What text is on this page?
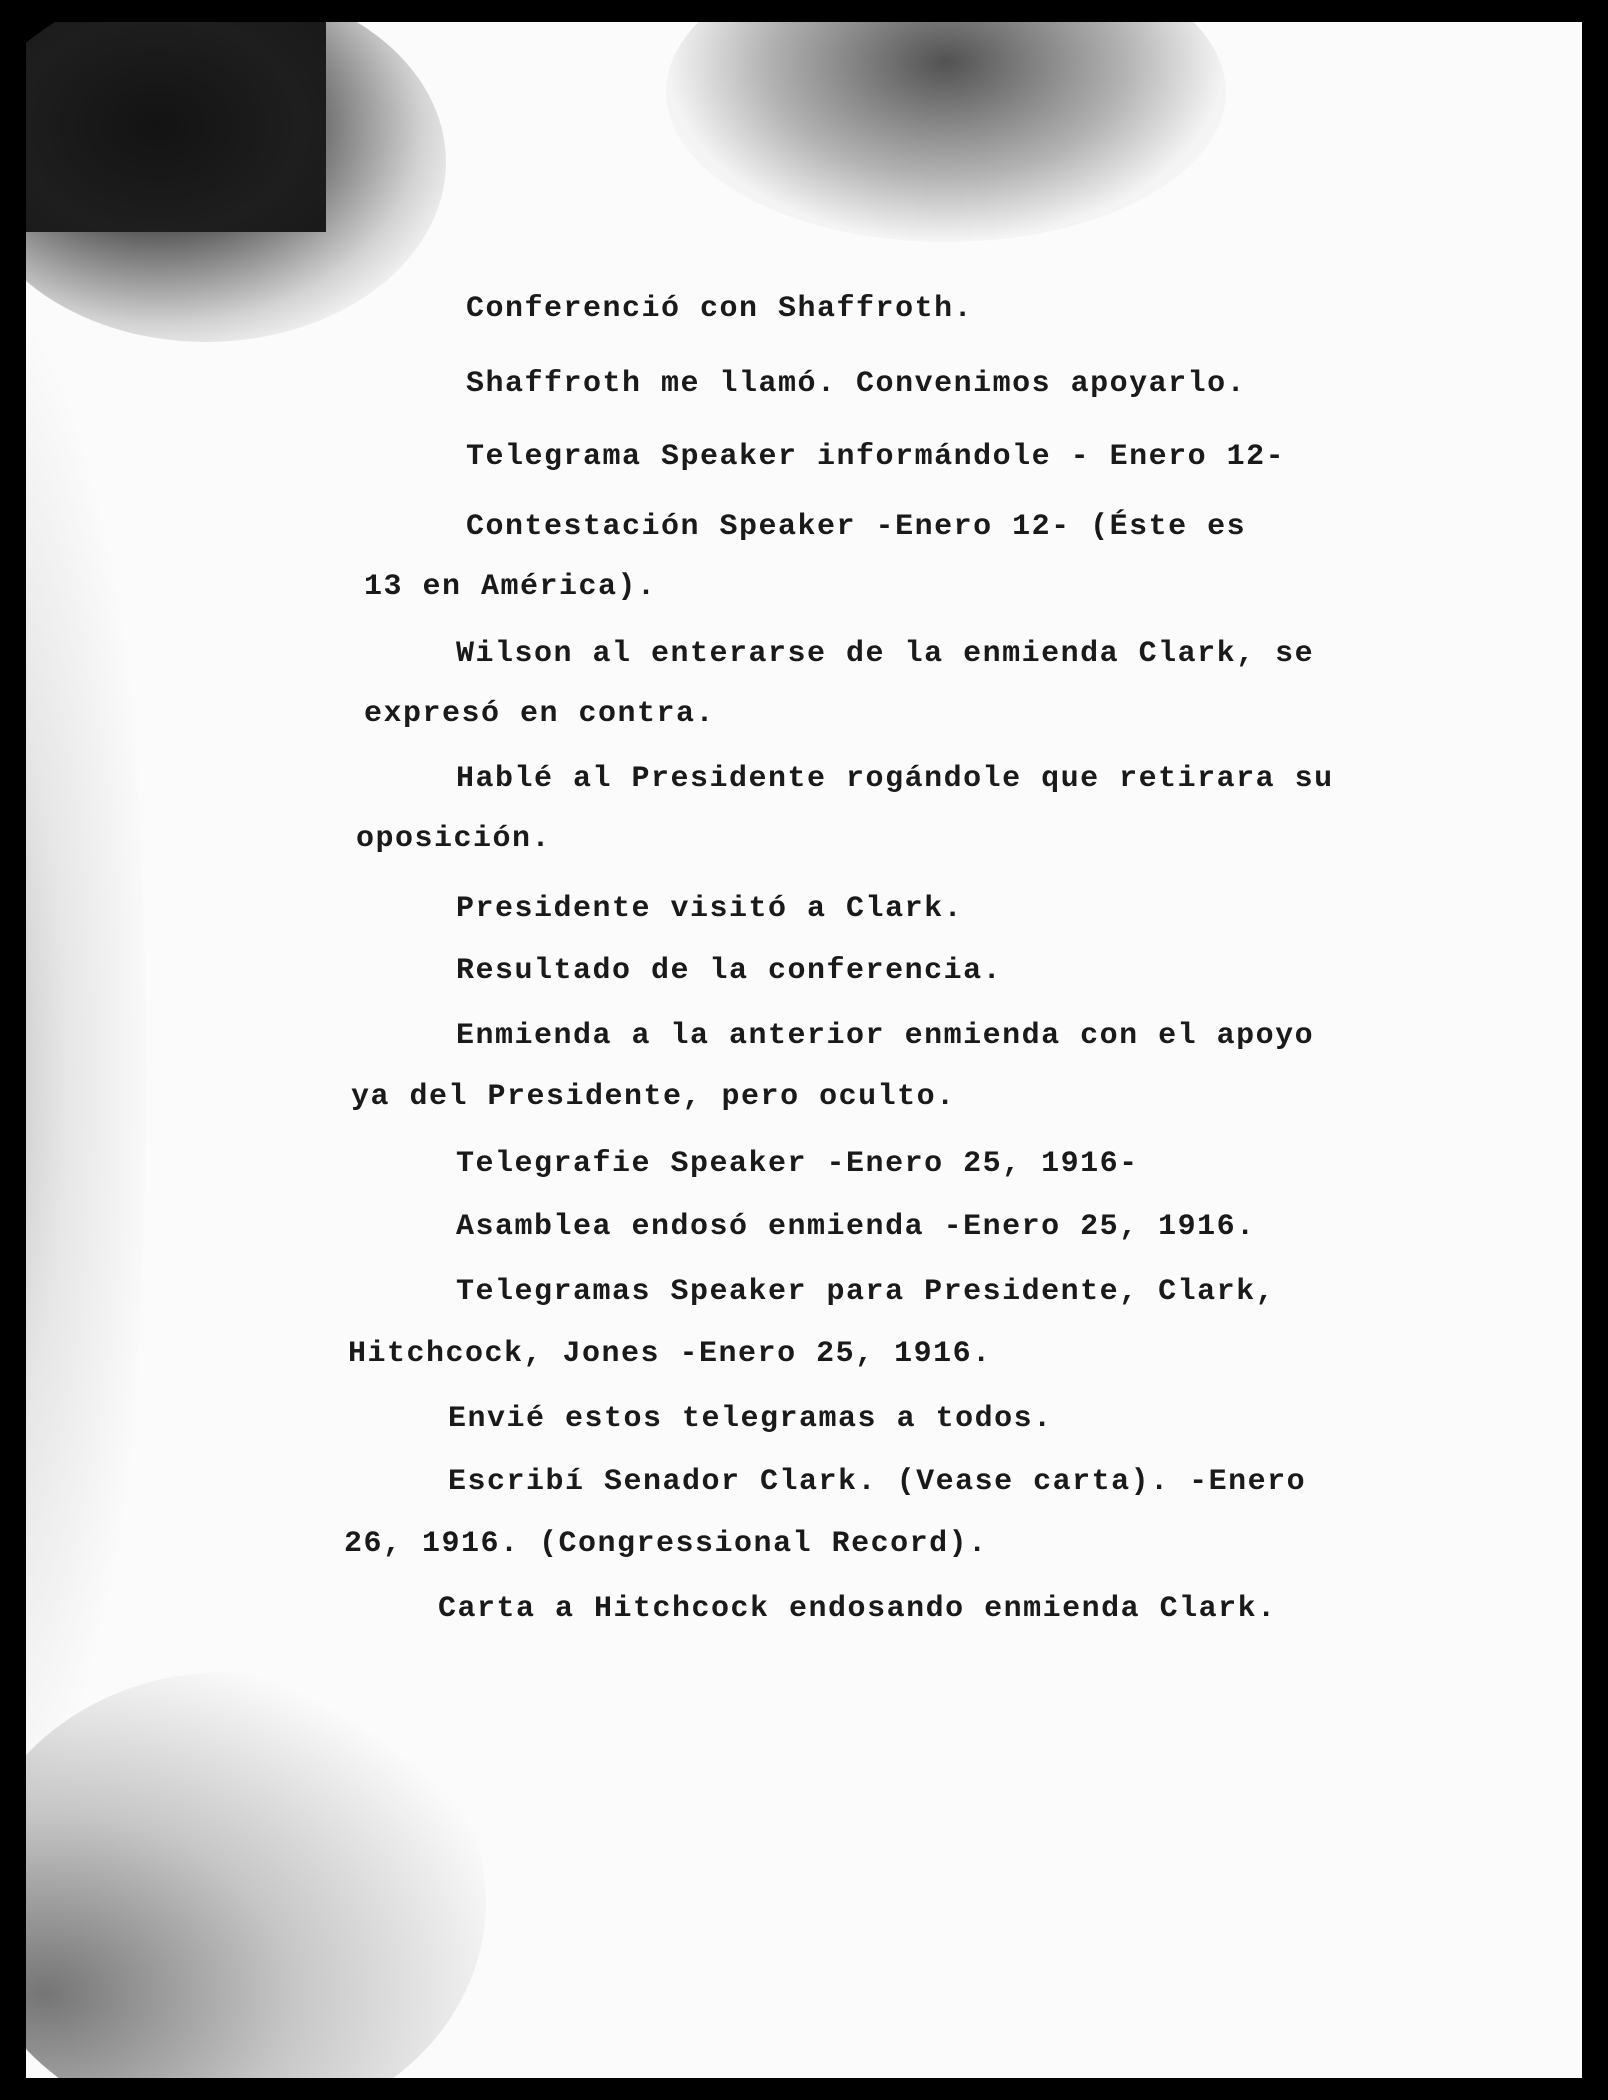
Conferenció con Shaffroth.
Shaffroth me llamó. Convenimos apoyarlo.
Telegrama Speaker informándole - Enero 12-
Contestación Speaker -Enero 12- (Éste es
13 en América).
Wilson al enterarse de la enmienda Clark, se
expresó en contra.
Hablé al Presidente rogándole que retirara su
oposición.
Presidente visitó a Clark.
Resultado de la conferencia.
Enmienda a la anterior enmienda con el apoyo
ya del Presidente, pero oculto.
Telegrafie Speaker -Enero 25, 1916-
Asamblea endosó enmienda -Enero 25, 1916.
Telegramas Speaker para Presidente, Clark,
Hitchcock, Jones -Enero 25, 1916.
Envié estos telegramas a todos.
Escribí Senador Clark. (Vease carta). -Enero
26, 1916. (Congressional Record).
Carta a Hitchcock endosando enmienda Clark.
